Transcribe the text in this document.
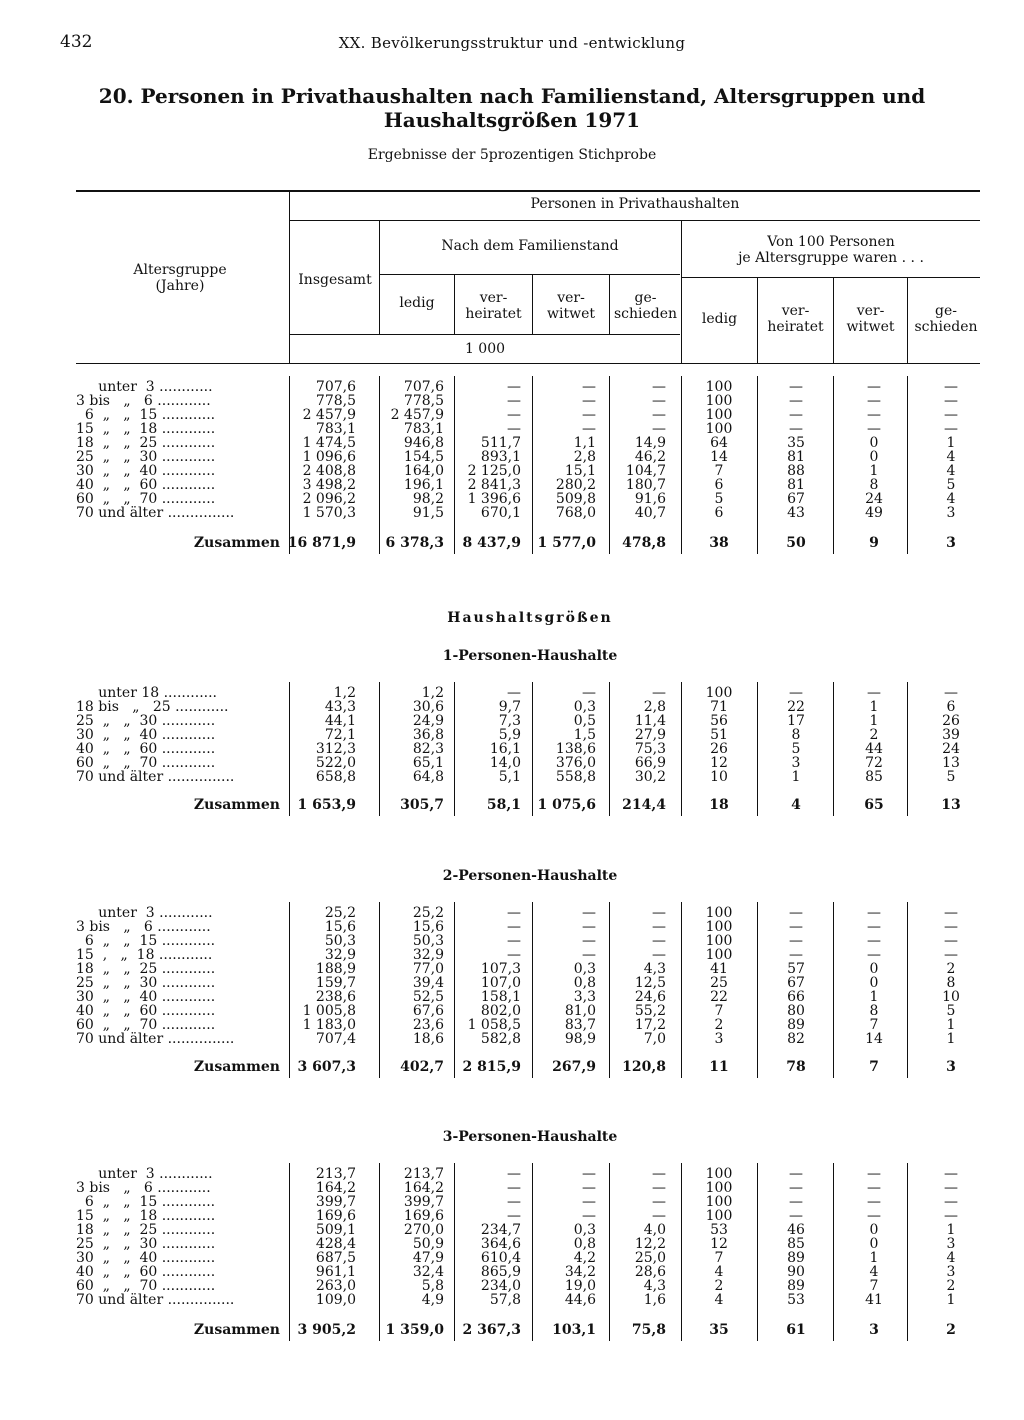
432	XX. Bevölkerungsstruktur und -entwicklung
20. Personen in Privathaushalten nach Familienstand, Altersgruppen und Haushaltsgrößen 1971
Ergebnisse der 5prozentigen Stichprobe
Altersgruppe
(Jahre)
Personen in Privathaushalten
Insgesamt
Nach dem Familienstand	Von 100 Personen
je Altersgruppe waren . . .
ledig	ver-
heiratet
ver-
witwet
ge-
schieden	ledig	ver-
heiratet
ver-
witwet
ge-
schieden
1 000
Haushaltsgrößen
1-Personen-Haushalte
2-Personen-Haushalte
3-Personen-Haushalte
unter  3 ............	707,6	707,6	—	—	—	100	—	—	—
3 bis   „   6 ............	778,5	778,5	—	—	—	100	—	—	—
6  „   „  15 ............	2 457,9	2 457,9	—	—	—	100	—	—	—
15  „   „  18 ............	783,1	783,1	—	—	—	100	—	—	—
18  „   „  25 ............	1 474,5	946,8	511,7	1,1	14,9	64	35	0	1
25  „   „  30 ............	1 096,6	154,5	893,1	2,8	46,2	14	81	0	4
30  „   „  40 ............	2 408,8	164,0	2 125,0	15,1	104,7	7	88	1	4
40  „   „  60 ............	3 498,2	196,1	2 841,3	280,2	180,7	6	81	8	5
60  „   „  70 ............	2 096,2	98,2	1 396,6	509,8	91,6	5	67	24	4
70 und älter ...............	1 570,3	91,5	670,1	768,0	40,7	6	43	49	3
Zusammen 16 871,9	6 378,3	8 437,9	1 577,0	478,8	38	50	9	3
unter 18 ............	1,2	1,2	—	—	—	100	—	—	—
18 bis   „   25 ............	43,3	30,6	9,7	0,3	2,8	71	22	1	6
25  „   „  30 ............	44,1	24,9	7,3	0,5	11,4	56	17	1	26
30  „   „  40 ............	72,1	36,8	5,9	1,5	27,9	51	8	2	39
40  „   „  60 ............	312,3	82,3	16,1	138,6	75,3	26	5	44	24
60  „   „  70 ............	522,0	65,1	14,0	376,0	66,9	12	3	72	13
70 und älter ...............	658,8	64,8	5,1	558,8	30,2	10	1	85	5
Zusammen	1 653,9	305,7	58,1	1 075,6	214,4	18	4	65	13
unter  3 ............	25,2	25,2	—	—	—	100	—	—	—
3 bis   „   6 ............	15,6	15,6	—	—	—	100	—	—	—
6  „   „  15 ............	50,3	50,3	—	—	—	100	—	—	—
15  ,   „  18 ............	32,9	32,9	—	—	—	100	—	—	—
18  „   „  25 ............	188,9	77,0	107,3	0,3	4,3	41	57	0	2
25  „   „  30 ............	159,7	39,4	107,0	0,8	12,5	25	67	0	8
30  „   „  40 ............	238,6	52,5	158,1	3,3	24,6	22	66	1	10
40  „   „  60 ............	1 005,8	67,6	802,0	81,0	55,2	7	80	8	5
60  „   „  70 ............	1 183,0	23,6	1 058,5	83,7	17,2	2	89	7	1
70 und älter ...............	707,4	18,6	582,8	98,9	7,0	3	82	14	1
Zusammen	3 607,3	402,7	2 815,9	267,9	120,8	11	78	7	3
unter  3 ............	213,7	213,7	—	—	—	100	—	—	—
3 bis   „   6 ............	164,2	164,2	—	—	—	100	—	—	—
6  „   „  15 ............	399,7	399,7	—	—	—	100	—	—	—
15  „   „  18 ............	169,6	169,6	—	—	—	100	—	—	—
18  „   „  25 ............	509,1	270,0	234,7	0,3	4,0	53	46	0	1
25  „   „  30 ............	428,4	50,9	364,6	0,8	12,2	12	85	0	3
30  „   „  40 ............	687,5	47,9	610,4	4,2	25,0	7	89	1	4
40  „   „  60 ............	961,1	32,4	865,9	34,2	28,6	4	90	4	3
60  „   „  70 ............	263,0	5,8	234,0	19,0	4,3	2	89	7	2
70 und älter ...............	109,0	4,9	57,8	44,6	1,6	4	53	41	1
Zusammen	3 905,2	1 359,0	2 367,3	103,1	75,8	35	61	3	2
